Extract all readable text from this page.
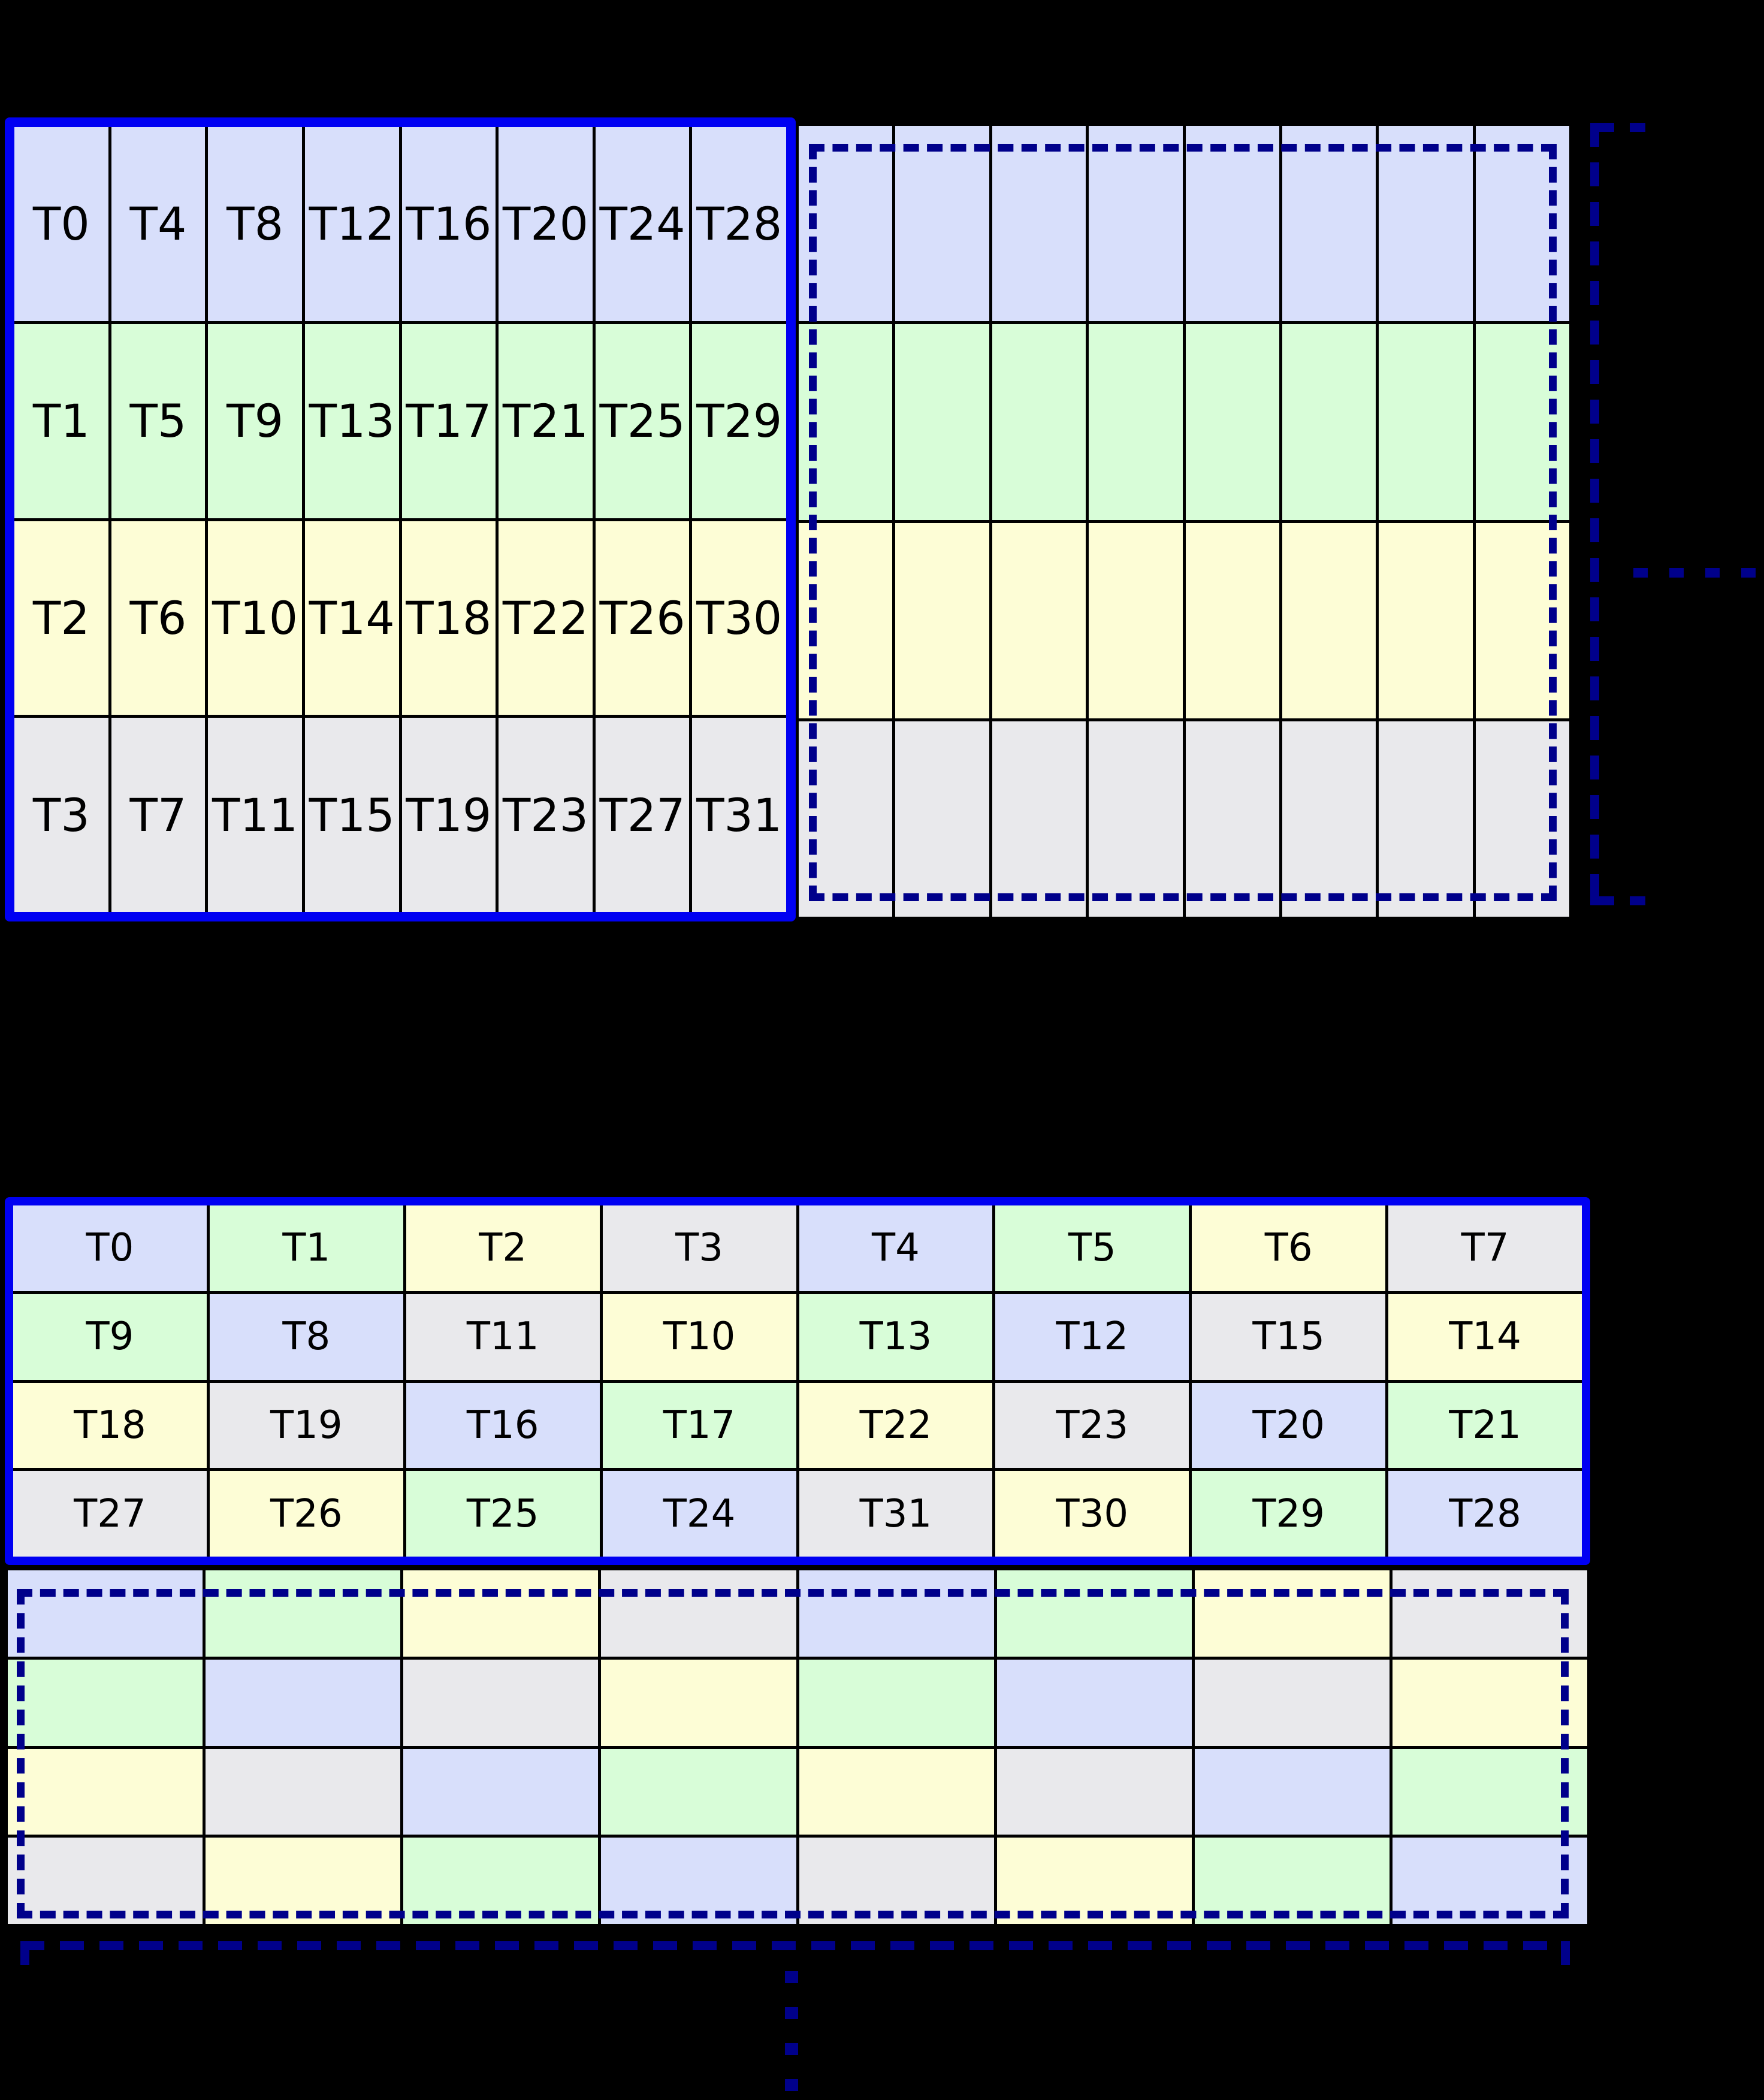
T0 T4 T8 T12 T16 T20 T24 T28
T1 T5 T9 T13 T17 T21 T25 T29
T2 T6 T10 T14 T18 T22 T26 T30
T3 T7 T11 T15 T19 T23 T27 T31
T0	T1	T2	T3	T4	T5	T6	T7
T9	T8	T11	T10	T13	T12	T15	T14
T18	T19	T16	T17	T22	T23	T20	T21
T27	T26	T25	T24	T31	T30	T29	T28
